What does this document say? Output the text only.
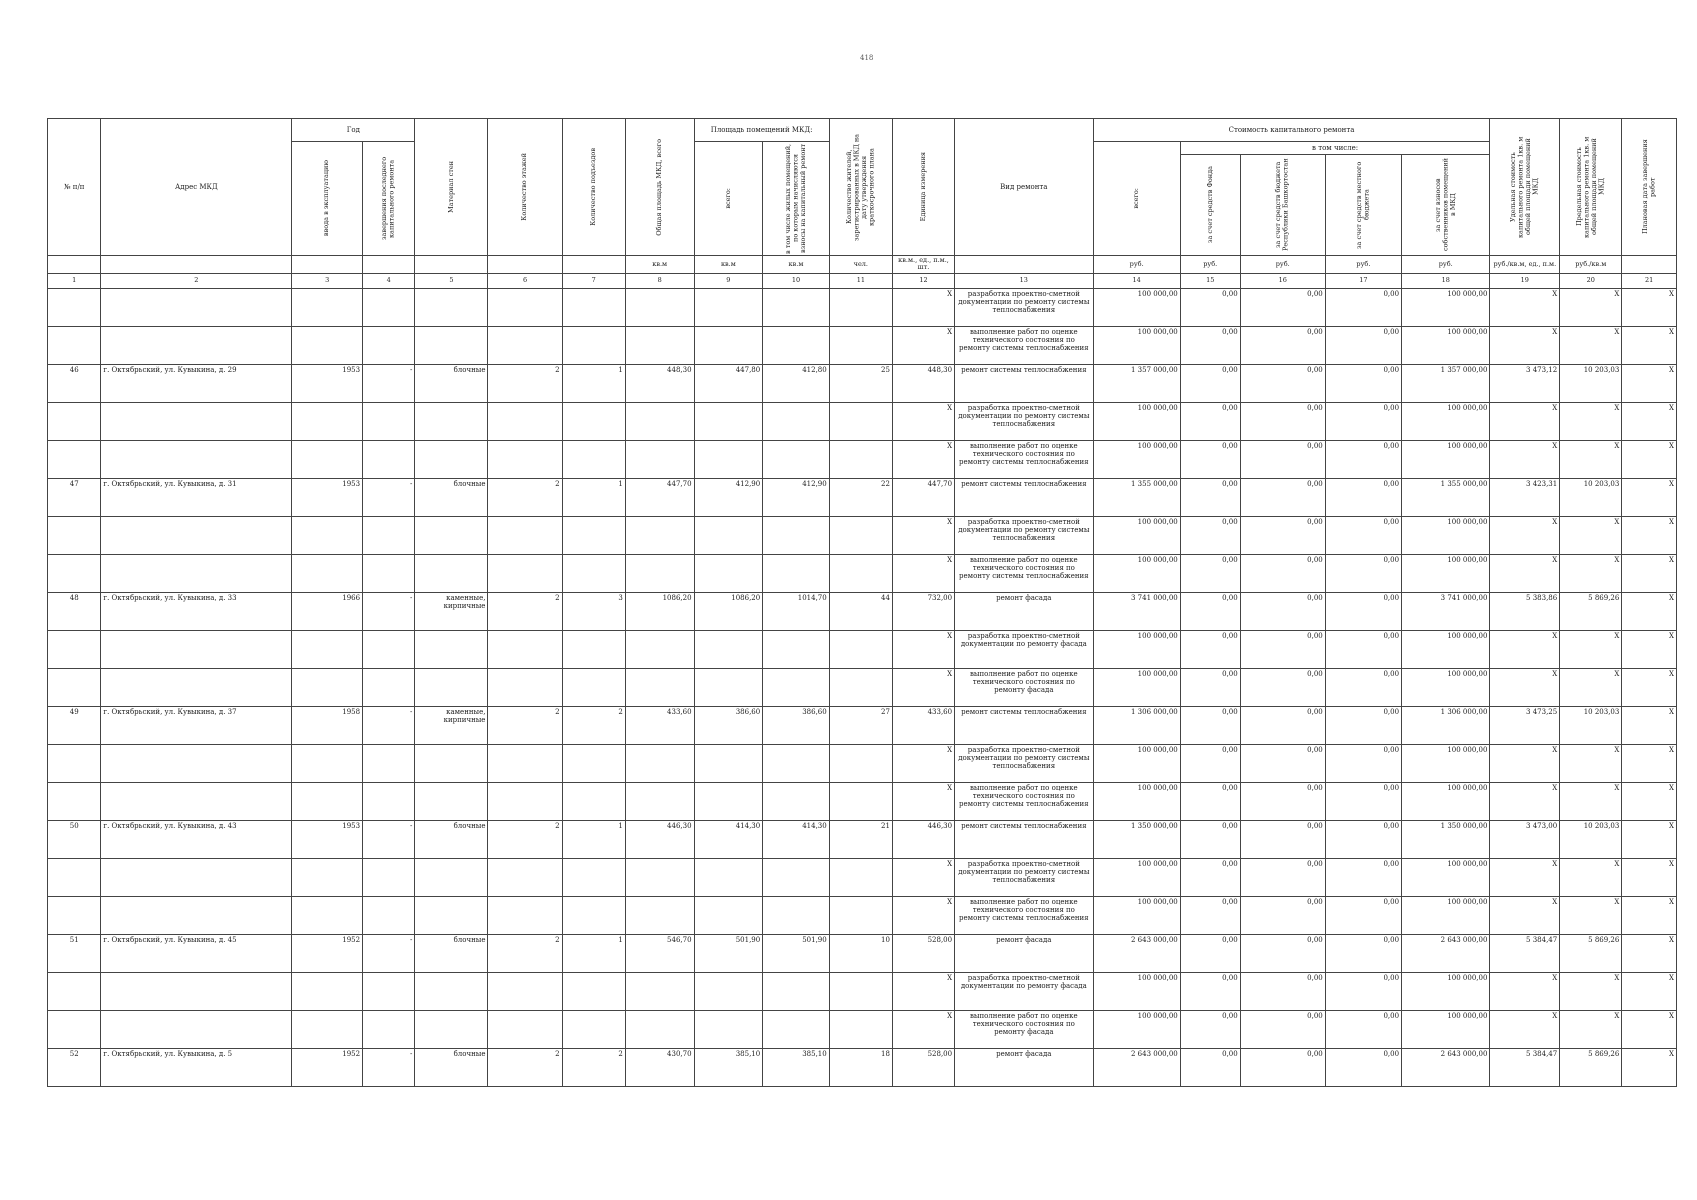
418
№ п/п	Адрес МКД	Год		Материал стен	Количество этажей	Количество подъездов	Общая площадь МКД, всего	Площадь помещений МКД:		Количество жителей, зарегистрированных в МКД на дату утверждения краткосрочного плана	Единица измерения	Вид ремонта	Стоимость капитального ремонта					Удельная стоимость капитального ремонта 1кв. м общей площади помещений МКД	Предельная стоимость капитального ремонта 1кв. м общей площади помещений МКД	Плановая дата завершения работ

		ввода в эксплуатацию	завершения последнего капитального ремонта					всего:	в том числе жилых помещений, по которым начисляются взносы на капитальный ремонт				всего:	в том числе:						

														за счет средств Фонда	за счет средств бюджета Республики Башкортостан	за счет средств местного бюджета	за счет взносов собственников помещений в МКД			

							кв.м	кв.м	кв.м	чел.	кв.м., ед., п.м., шт.		руб.	руб.	руб.	руб.	руб.	руб./кв.м, ед., п.м.	руб./кв.м	
1	2	3	4	5	6	7	8	9	10	11	12	13	14	15	16	17	18	19	20	21
											X	разработка проектно-сметной документации по ремонту системы теплоснабжения	100 000,00	0,00	0,00	0,00	100 000,00	X	X	X
											X	выполнение работ по оценке технического состояния по ремонту системы теплоснабжения	100 000,00	0,00	0,00	0,00	100 000,00	X	X	X
46	г. Октябрьский, ул. Кувыкина, д. 29	1953	-	блочные	2	1	448,30	447,80	412,80	25	448,30	ремонт системы теплоснабжения	1 357 000,00	0,00	0,00	0,00	1 357 000,00	3 473,12	10 203,03	X
											X	разработка проектно-сметной документации по ремонту системы теплоснабжения	100 000,00	0,00	0,00	0,00	100 000,00	X	X	X
											X	выполнение работ по оценке технического состояния по ремонту системы теплоснабжения	100 000,00	0,00	0,00	0,00	100 000,00	X	X	X
47	г. Октябрьский, ул. Кувыкина, д. 31	1953	-	блочные	2	1	447,70	412,90	412,90	22	447,70	ремонт системы теплоснабжения	1 355 000,00	0,00	0,00	0,00	1 355 000,00	3 423,31	10 203,03	X
											X	разработка проектно-сметной документации по ремонту системы теплоснабжения	100 000,00	0,00	0,00	0,00	100 000,00	X	X	X
											X	выполнение работ по оценке технического состояния по ремонту системы теплоснабжения	100 000,00	0,00	0,00	0,00	100 000,00	X	X	X
48	г. Октябрьский, ул. Кувыкина, д. 33	1966	-	каменные, кирпичные	2	3	1086,20	1086,20	1014,70	44	732,00	ремонт фасада	3 741 000,00	0,00	0,00	0,00	3 741 000,00	5 383,86	5 869,26	X
											X	разработка проектно-сметной документации по ремонту фасада	100 000,00	0,00	0,00	0,00	100 000,00	X	X	X
											X	выполнение работ по оценке технического состояния по ремонту фасада	100 000,00	0,00	0,00	0,00	100 000,00	X	X	X
49	г. Октябрьский, ул. Кувыкина, д. 37	1958	-	каменные, кирпичные	2	2	433,60	386,60	386,60	27	433,60	ремонт системы теплоснабжения	1 306 000,00	0,00	0,00	0,00	1 306 000,00	3 473,25	10 203,03	X
											X	разработка проектно-сметной документации по ремонту системы теплоснабжения	100 000,00	0,00	0,00	0,00	100 000,00	X	X	X
											X	выполнение работ по оценке технического состояния по ремонту системы теплоснабжения	100 000,00	0,00	0,00	0,00	100 000,00	X	X	X
50	г. Октябрьский, ул. Кувыкина, д. 43	1953	-	блочные	2	1	446,30	414,30	414,30	21	446,30	ремонт системы теплоснабжения	1 350 000,00	0,00	0,00	0,00	1 350 000,00	3 473,00	10 203,03	X
											X	разработка проектно-сметной документации по ремонту системы теплоснабжения	100 000,00	0,00	0,00	0,00	100 000,00	X	X	X
											X	выполнение работ по оценке технического состояния по ремонту системы теплоснабжения	100 000,00	0,00	0,00	0,00	100 000,00	X	X	X
51	г. Октябрьский, ул. Кувыкина, д. 45	1952	-	блочные	2	1	546,70	501,90	501,90	10	528,00	ремонт фасада	2 643 000,00	0,00	0,00	0,00	2 643 000,00	5 384,47	5 869,26	X
											X	разработка проектно-сметной документации по ремонту фасада	100 000,00	0,00	0,00	0,00	100 000,00	X	X	X
											X	выполнение работ по оценке технического состояния по ремонту фасада	100 000,00	0,00	0,00	0,00	100 000,00	X	X	X
52	г. Октябрьский, ул. Кувыкина, д. 5	1952	-	блочные	2	2	430,70	385,10	385,10	18	528,00	ремонт фасада	2 643 000,00	0,00	0,00	0,00	2 643 000,00	5 384,47	5 869,26	X
